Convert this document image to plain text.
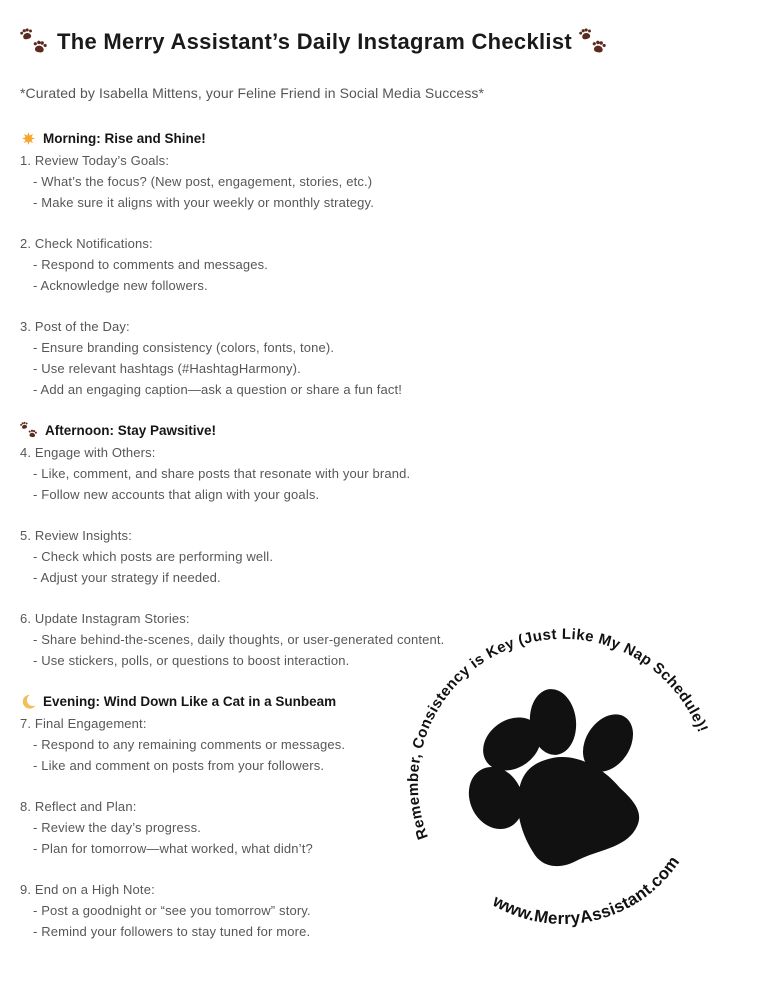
The Merry Assistant’s Daily Instagram Checklist

*Curated by Isabella Mittens, your Feline Friend in Social Media Success*

Morning: Rise and Shine!
1. Review Today’s Goals:
- What’s the focus? (New post, engagement, stories, etc.)
- Make sure it aligns with your weekly or monthly strategy.
2. Check Notifications:
- Respond to comments and messages.
- Acknowledge new followers.
3. Post of the Day:
- Ensure branding consistency (colors, fonts, tone).
- Use relevant hashtags (#HashtagHarmony).
- Add an engaging caption—ask a question or share a fun fact!
Afternoon: Stay Pawsitive!
4. Engage with Others:
- Like, comment, and share posts that resonate with your brand.
- Follow new accounts that align with your goals.
5. Review Insights:
- Check which posts are performing well.
- Adjust your strategy if needed.
6. Update Instagram Stories:
- Share behind-the-scenes, daily thoughts, or user-generated content.
- Use stickers, polls, or questions to boost interaction.
Evening: Wind Down Like a Cat in a Sunbeam
7. Final Engagement:
- Respond to any remaining comments or messages.
- Like and comment on posts from your followers.
8. Reflect and Plan:
- Review the day’s progress.
- Plan for tomorrow—what worked, what didn’t?
9. End on a High Note:
- Post a goodnight or “see you tomorrow” story.
- Remind your followers to stay tuned for more.
Remember, Consistency is Key (Just Like My Nap Schedule)!
www.MerryAssistant.com
